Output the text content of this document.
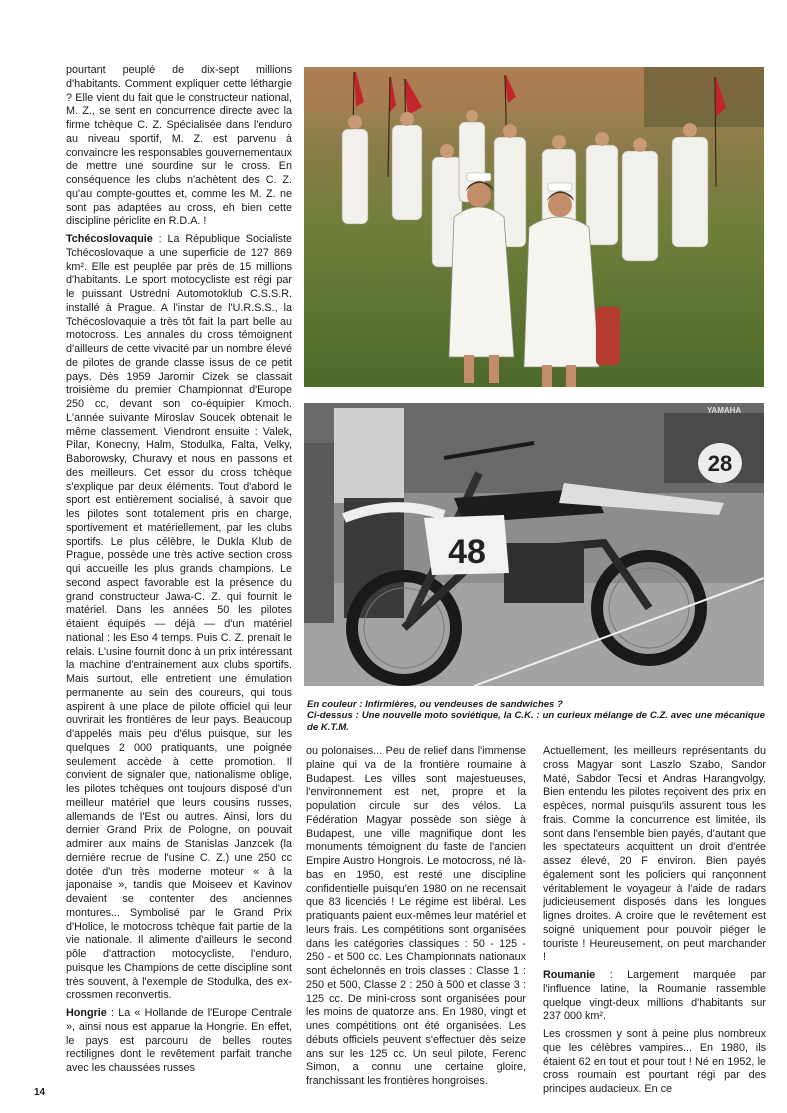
pourtant peuplé de dix-sept millions d'habitants. Comment expliquer cette léthargie ? Elle vient du fait que le constructeur national, M. Z., se sent en concurrence directe avec la firme tchèque C. Z. Spécialisée dans l'enduro au niveau sportif, M. Z. est parvenu à convaincre les responsables gouvernementaux de mettre une sourdine sur le cross. En conséquence les clubs n'achètent des C. Z. qu'au compte-gouttes et, comme les M. Z. ne sont pas adaptées au cross, eh bien cette discipline périclite en R.D.A. !

Tchécoslovaquie : La République Socialiste Tchécoslovaque a une superficie de 127 869 km². Elle est peuplée par près de 15 millions d'habitants. Le sport motocycliste est régi par le puissant Ustredni Automotoklub C.S.S.R. installé à Prague. A l'instar de l'U.R.S.S., la Tchécoslovaquie a très tôt fait la part belle au motocross. Les annales du cross témoignent d'ailleurs de cette vivacité par un nombre élevé de pilotes de grande classe issus de ce petit pays. Dès 1959 Jaromir Cizek se classait troisième du premier Championnat d'Europe 250 cc, devant son co-équipier Kmoch. L'année suivante Miroslav Soucek obtenait le même classement. Viendront ensuite : Valek, Pilar, Konecny, Halm, Stodulka, Falta, Velky, Baborowsky, Churavy et nous en passons et des meilleurs. Cet essor du cross tchèque s'explique par deux éléments. Tout d'abord le sport est entièrement socialisé, à savoir que les pilotes sont totalement pris en charge, sportivement et matériellement, par les clubs sportifs. Le plus célèbre, le Dukla Klub de Prague, possède une très active section cross qui accueille les plus grands champions. Le second aspect favorable est la présence du grand constructeur Jawa-C. Z. qui fournit le matériel. Dans les années 50 les pilotes étaient équipés — déjà — d'un matériel national : les Eso 4 temps. Puis C. Z. prenait le relais. L'usine fournit donc à un prix intéressant la machine d'entrainement aux clubs sportifs. Mais surtout, elle entretient une émulation permanente au sein des coureurs, qui tous aspirent à une place de pilote officiel qui leur ouvrirait les frontières de leur pays. Beaucoup d'appelés mais peu d'élus puisque, sur les quelques 2 000 pratiquants, une poignée seulement accède à cette promotion. Il convient de signaler que, nationalisme oblige, les pilotes tchèques ont toujours disposé d'un meilleur matériel que leurs cousins russes, allemands de l'Est ou autres. Ainsi, lors du dernier Grand Prix de Pologne, on pouvait admirer aux mains de Stanislas Janzcek (la dernière recrue de l'usine C. Z.) une 250 cc dotée d'un très moderne moteur « à la japonaise », tandis que Moiseev et Kavinov devaient se contenter des anciennes montures... Symbolisé par le Grand Prix d'Holice, le motocross tchèque fait partie de la vie nationale. Il alimente d'ailleurs le second pôle d'attraction motocycliste, l'enduro, puisque les Champions de cette discipline sont très souvent, à l'exemple de Stodulka, des ex-crossmen reconvertis.

Hongrie : La « Hollande de l'Europe Centrale », ainsi nous est apparue la Hongrie. En effet, le pays est parcouru de belles routes rectilignes dont le revêtement parfait tranche avec les chaussées russes

28
YAMAHA
48
En couleur : Infirmières, ou vendeuses de sandwiches ?
Ci-dessus : Une nouvelle moto soviétique, la C.K. : un curieux mélange de C.Z. avec une mécanique de K.T.M.

ou polonaises... Peu de relief dans l'immense plaine qui va de la frontière roumaine à Budapest. Les villes sont majestueuses, l'environnement est net, propre et la population circule sur des vélos. La Fédération Magyar possède son siège à Budapest, une ville magnifique dont les monuments témoignent du faste de l'ancien Empire Austro Hongrois. Le motocross, né là-bas en 1950, est resté une discipline confidentielle puisqu'en 1980 on ne recensait que 83 licenciés ! Le régime est libéral. Les pratiquants paient eux-mêmes leur matériel et leurs frais. Les compétitions sont organisées dans les catégories classiques : 50 - 125 - 250 - et 500 cc. Les Championnats nationaux sont échelonnés en trois classes : Classe 1 : 250 et 500, Classe 2 : 250 à 500 et classe 3 : 125 cc. De mini-cross sont organisées pour les moins de quatorze ans. En 1980, vingt et unes compétitions ont été organisées. Les débuts officiels peuvent s'effectuer dès seize ans sur les 125 cc. Un seul pilote, Ferenc Simon, a connu une certaine gloire, franchissant les frontières hongroises.

Actuellement, les meilleurs représentants du cross Magyar sont Laszlo Szabo, Sandor Maté, Sabdor Tecsi et Andras Harangvolgy. Bien entendu les pilotes reçoivent des prix en espèces, normal puisqu'ils assurent tous les frais. Comme la concurrence est limitée, ils sont dans l'ensemble bien payés, d'autant que les spectateurs acquittent un droit d'entrée assez élevé, 20 F environ. Bien payés également sont les policiers qui rançonnent véritablement le voyageur à l'aide de radars judicieusement disposés dans les longues lignes droites. A croire que le revêtement est soigné uniquement pour pouvoir piéger le touriste ! Heureusement, on peut marchander !

Roumanie : Largement marquée par l'influence latine, la Roumanie rassemble quelque vingt-deux millions d'habitants sur 237 000 km².

Les crossmen y sont à peine plus nombreux que les célèbres vampires... En 1980, ils étaient 62 en tout et pour tout ! Né en 1952, le cross roumain est pourtant régi par des principes audacieux. En ce

14
